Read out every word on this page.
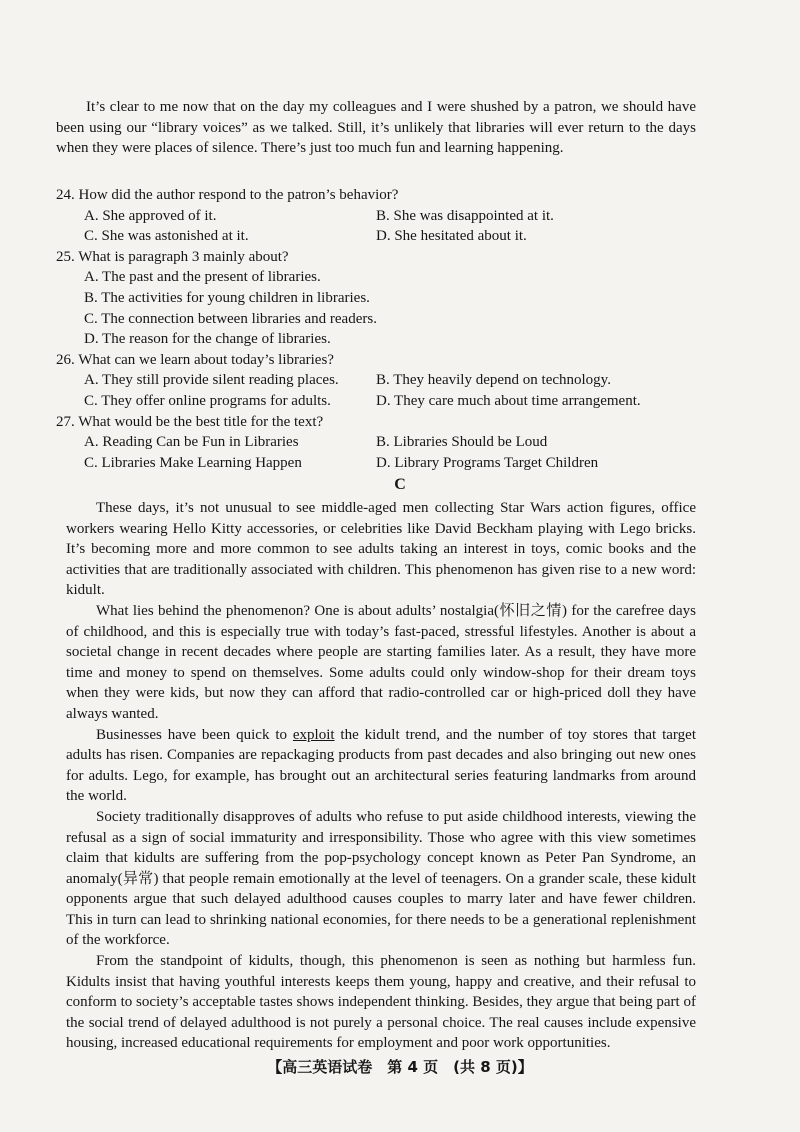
It’s clear to me now that on the day my colleagues and I were shushed by a patron, we should have been using our “library voices” as we talked. Still, it’s unlikely that libraries will ever return to the days when they were places of silence. There’s just too much fun and learning happening.

24. How did the author respond to the patron’s behavior?

A. She approved of it.	B. She was disappointed at it.
C. She was astonished at it.	D. She hesitated about it.

25. What is paragraph 3 mainly about?

A. The past and the present of libraries.

B. The activities for young children in libraries.

C. The connection between libraries and readers.

D. The reason for the change of libraries.

26. What can we learn about today’s libraries?

A. They still provide silent reading places.	B. They heavily depend on technology.
C. They offer online programs for adults.	D. They care much about time arrangement.

27. What would be the best title for the text?

A. Reading Can be Fun in Libraries	B. Libraries Should be Loud
C. Libraries Make Learning Happen	D. Library Programs Target Children
C

These days, it’s not unusual to see middle-aged men collecting Star Wars action figures, office workers wearing Hello Kitty accessories, or celebrities like David Beckham playing with Lego bricks. It’s becoming more and more common to see adults taking an interest in toys, comic books and the activities that are traditionally associated with children. This phenomenon has given rise to a new word: kidult.

What lies behind the phenomenon? One is about adults’ nostalgia(怀旧之情) for the carefree days of childhood, and this is especially true with today’s fast-paced, stressful lifestyles. Another is about a societal change in recent decades where people are starting families later. As a result, they have more time and money to spend on themselves. Some adults could only window-shop for their dream toys when they were kids, but now they can afford that radio-controlled car or high-priced doll they have always wanted.

Businesses have been quick to exploit the kidult trend, and the number of toy stores that target adults has risen. Companies are repackaging products from past decades and also bringing out new ones for adults. Lego, for example, has brought out an architectural series featuring landmarks from around the world.

Society traditionally disapproves of adults who refuse to put aside childhood interests, viewing the refusal as a sign of social immaturity and irresponsibility. Those who agree with this view sometimes claim that kidults are suffering from the pop-psychology concept known as Peter Pan Syndrome, an anomaly(异常) that people remain emotionally at the level of teenagers. On a grander scale, these kidult opponents argue that such delayed adulthood causes couples to marry later and have fewer children. This in turn can lead to shrinking national economies, for there needs to be a generational replenishment of the workforce.

From the standpoint of kidults, though, this phenomenon is seen as nothing but harmless fun. Kidults insist that having youthful interests keeps them young, happy and creative, and their refusal to conform to society’s acceptable tastes shows independent thinking. Besides, they argue that being part of the social trend of delayed adulthood is not purely a personal choice. The real causes include expensive housing, increased educational requirements for employment and poor work opportunities.

【高三英语试卷　第 4 页　(共 8 页)】
